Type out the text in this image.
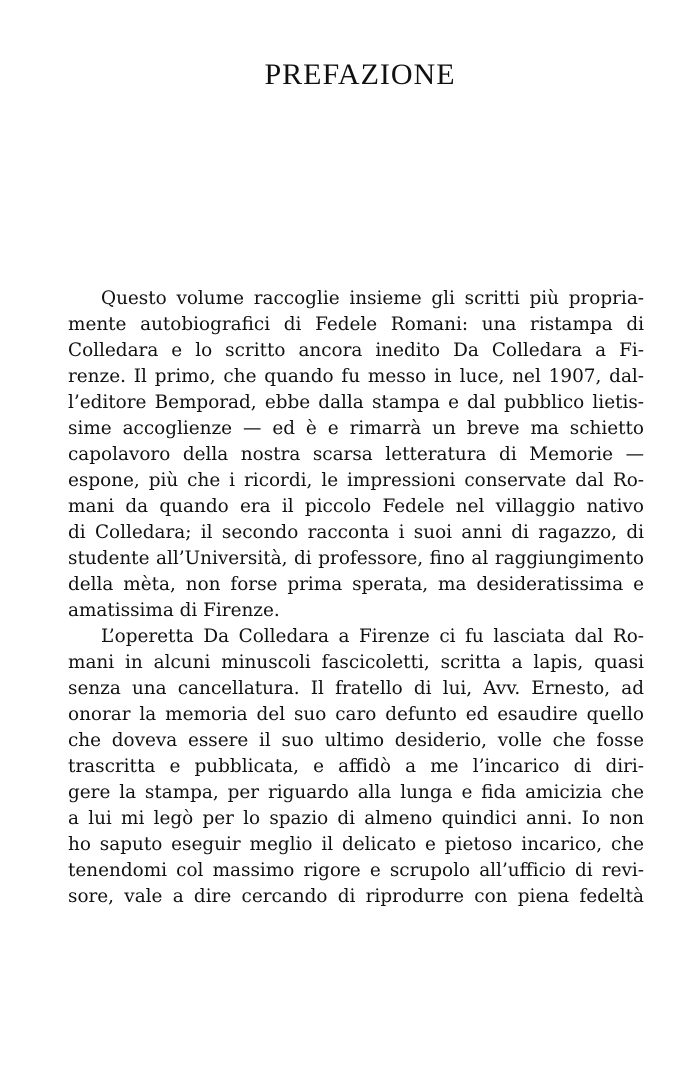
PREFAZIONE
Questo volume raccoglie insieme gli scritti più propria-
mente autobiografici di Fedele Romani: una ristampa di
Colledara e lo scritto ancora inedito Da Colledara a Fi-
renze. Il primo, che quando fu messo in luce, nel 1907, dal-
l’editore Bemporad, ebbe dalla stampa e dal pubblico lietis-
sime accoglienze — ed è e rimarrà un breve ma schietto
capolavoro della nostra scarsa letteratura di Memorie —
espone, più che i ricordi, le impressioni conservate dal Ro-
mani da quando era il piccolo Fedele nel villaggio nativo
di Colledara; il secondo racconta i suoi anni di ragazzo, di
studente all’Università, di professore, fino al raggiungimento
della mèta, non forse prima sperata, ma desideratissima e
amatissima di Firenze.
L’operetta Da Colledara a Firenze ci fu lasciata dal Ro-
mani in alcuni minuscoli fascicoletti, scritta a lapis, quasi
senza una cancellatura. Il fratello di lui, Avv. Ernesto, ad
onorar la memoria del suo caro defunto ed esaudire quello
che doveva essere il suo ultimo desiderio, volle che fosse
trascritta e pubblicata, e affidò a me l’incarico di diri-
gere la stampa, per riguardo alla lunga e fida amicizia che
a lui mi legò per lo spazio di almeno quindici anni. Io non
ho saputo eseguir meglio il delicato e pietoso incarico, che
tenendomi col massimo rigore e scrupolo all’ufficio di revi-
sore, vale a dire cercando di riprodurre con piena fedeltà
